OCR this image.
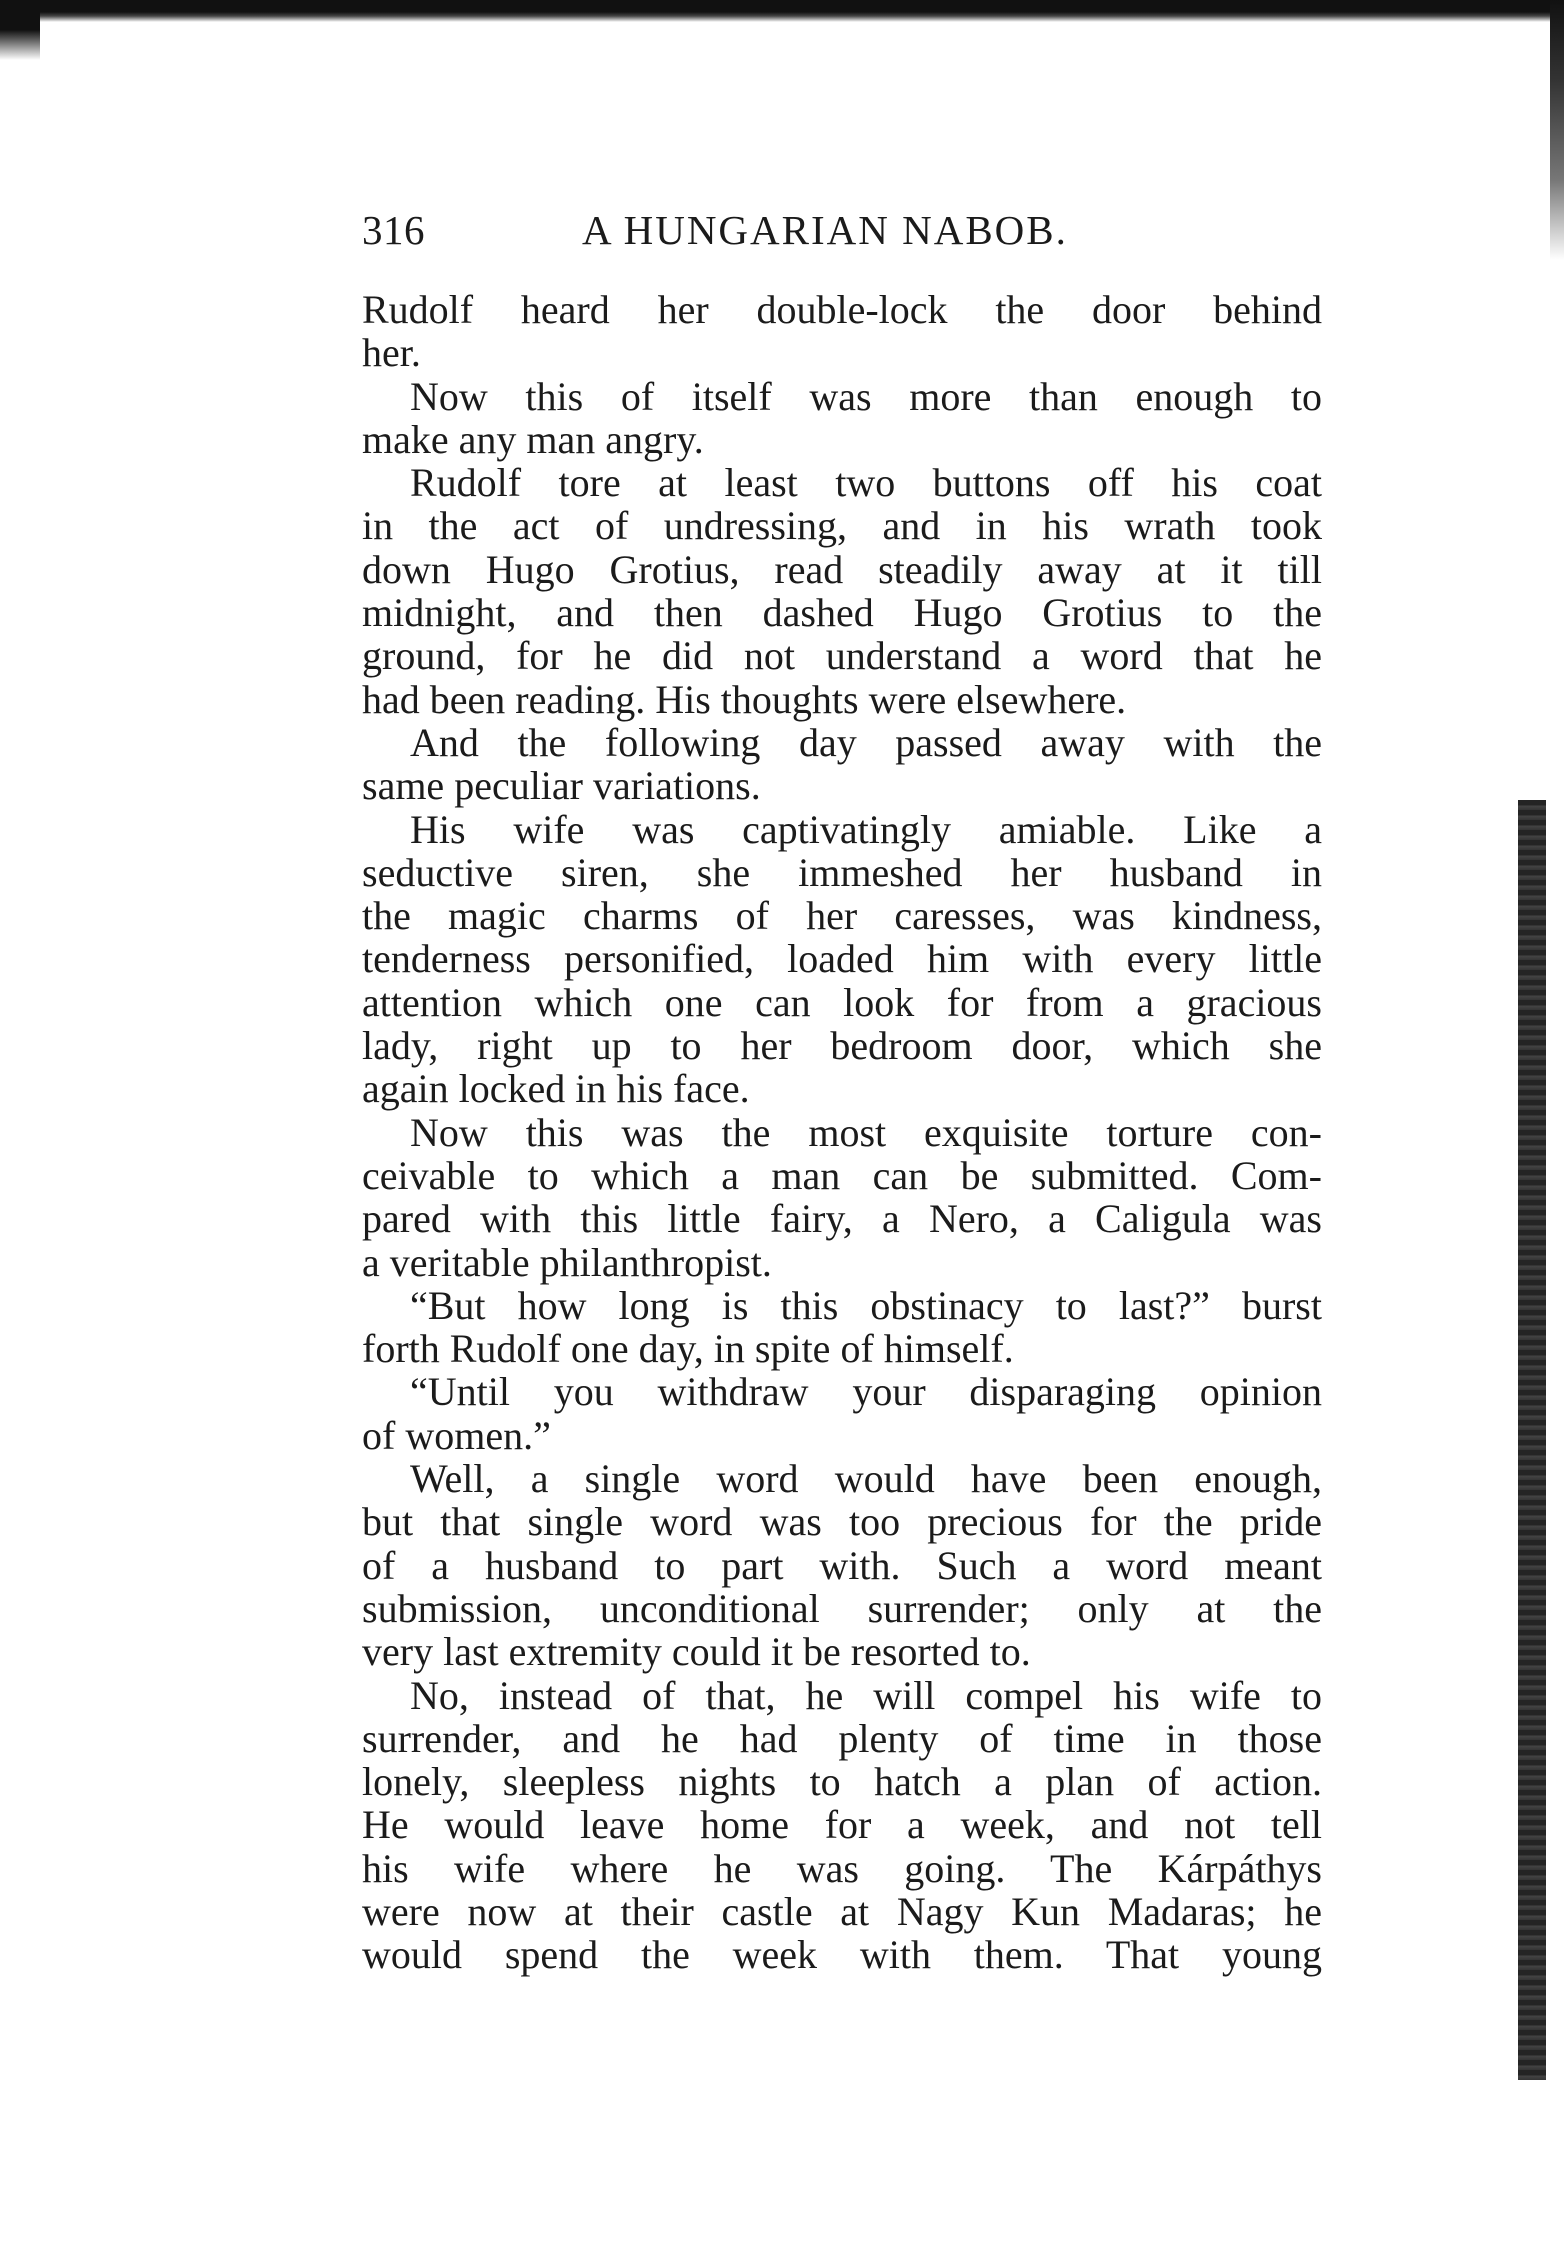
316	A HUNGARIAN NABOB.
Rudolf heard her double-lock the door behind
her.
Now this of itself was more than enough to
make any man angry.
Rudolf tore at least two buttons off his coat
in the act of undressing, and in his wrath took
down Hugo Grotius, read steadily away at it till
midnight, and then dashed Hugo Grotius to the
ground, for he did not understand a word that he
had been reading. His thoughts were elsewhere.
And the following day passed away with the
same peculiar variations.
His wife was captivatingly amiable. Like a
seductive siren, she immeshed her husband in
the magic charms of her caresses, was kindness,
tenderness personified, loaded him with every little
attention which one can look for from a gracious
lady, right up to her bedroom door, which she
again locked in his face.
Now this was the most exquisite torture con-
ceivable to which a man can be submitted. Com-
pared with this little fairy, a Nero, a Caligula was
a veritable philanthropist.
“But how long is this obstinacy to last?” burst
forth Rudolf one day, in spite of himself.
“Until you withdraw your disparaging opinion
of women.”
Well, a single word would have been enough,
but that single word was too precious for the pride
of a husband to part with. Such a word meant
submission, unconditional surrender; only at the
very last extremity could it be resorted to.
No, instead of that, he will compel his wife to
surrender, and he had plenty of time in those
lonely, sleepless nights to hatch a plan of action.
He would leave home for a week, and not tell
his wife where he was going. The Kárpáthys
were now at their castle at Nagy Kun Madaras; he
would spend the week with them. That young
